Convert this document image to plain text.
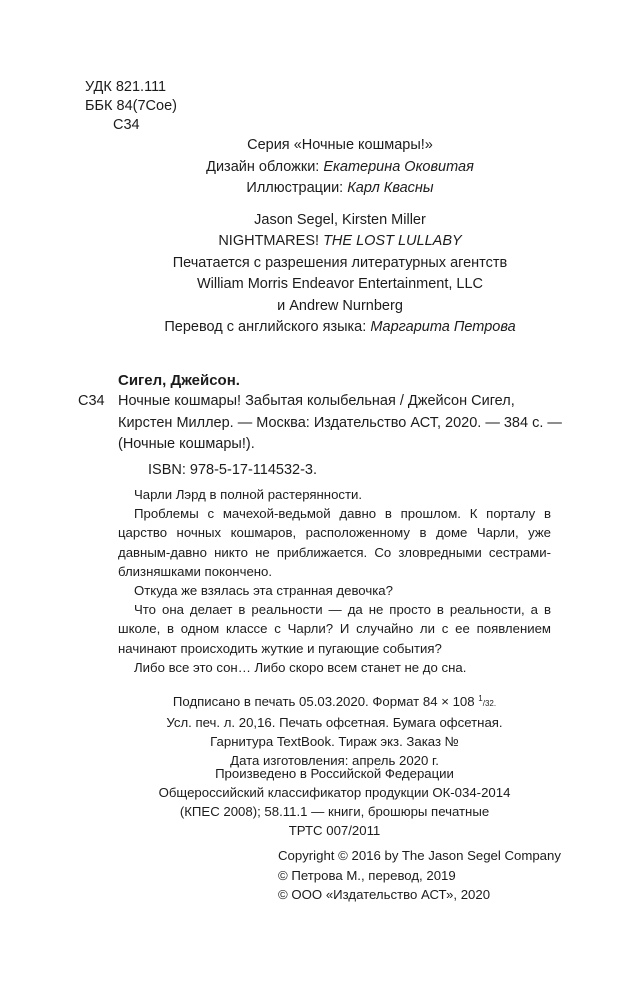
УДК 821.111
ББК 84(7Сое)
С34
Серия «Ночные кошмары!»
Дизайн обложки: Екатерина Оковитая
Иллюстрации: Карл Квасны
Jason Segel, Kirsten Miller
NIGHTMARES! THE LOST LULLABY
Печатается с разрешения литературных агентств
William Morris Endeavor Entertainment, LLC
и Andrew Nurnberg
Перевод с английского языка: Маргарита Петрова
Сигел, Джейсон.
С34 Ночные кошмары! Забытая колыбельная / Джейсон Сигел,
Кирстен Миллер. — Москва: Издательство АСТ, 2020. — 384 с. —
(Ночные кошмары!).
ISBN: 978-5-17-114532-3.

Чарли Лэрд в полной растерянности.

Проблемы с мачехой-ведьмой давно в прошлом. К порталу в царство ночных кошмаров, расположенному в доме Чарли, уже давным-давно никто не приближается. Со зловредными сестрами-близняшками покончено.

Откуда же взялась эта странная девочка?

Что она делает в реальности — да не просто в реальности, а в школе, в одном классе с Чарли? И случайно ли с ее появлением начинают происходить жуткие и пугающие события?

Либо все это сон… Либо скоро всем станет не до сна.

Подписано в печать 05.03.2020. Формат 84 × 108 $^1$/32.
Усл. печ. л. 20,16. Печать офсетная. Бумага офсетная.
Гарнитура TextBook. Тираж экз. Заказ №
Дата изготовления: апрель 2020 г.
Произведено в Российской Федерации
Общероссийский классификатор продукции ОК-034-2014
(КПЕС 2008); 58.11.1 — книги, брошюры печатные
ТРТС 007/2011
Copyright © 2016 by The Jason Segel Company
© Петрова М., перевод, 2019
© ООО «Издательство АСТ», 2020
